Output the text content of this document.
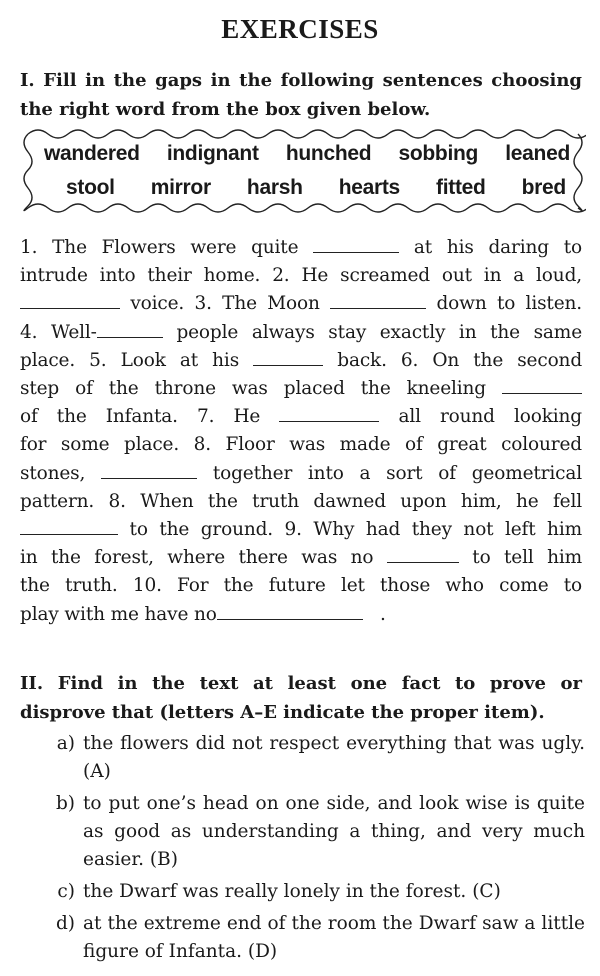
EXERCISES
I. Fill in the gaps in the following sentences choosing the right word from the box given below.
wandered indignant hunched sobbing leaned
stool mirror harsh hearts fitted bred
1. The Flowers were quite	at his daring to
intrude into their home. 2. He screamed out in a loud,
voice. 3. The Moon	down to listen.
4. Well-	people always stay exactly in the same
place. 5. Look at his	back. 6. On the second
step of the throne was placed the kneeling
of the Infanta. 7. He	all round looking
for some place. 8. Floor was made of great coloured
stones,	together into a sort of geometrical
pattern. 8. When the truth dawned upon him, he fell
to the ground. 9. Why had they not left him
in the forest, where there was no	to tell him
the truth. 10. For the future let those who come to
play with me have no	.
II. Find in the text at least one fact to prove or disprove that (letters A–E indicate the proper item).
a) the flowers did not respect everything that was ugly. (A)
b) to put one’s head on one side, and look wise is quite as good as understanding a thing, and very much easier. (B)
c) the Dwarf was really lonely in the forest. (C)
d) at the extreme end of the room the Dwarf saw a little figure of Infanta. (D)
